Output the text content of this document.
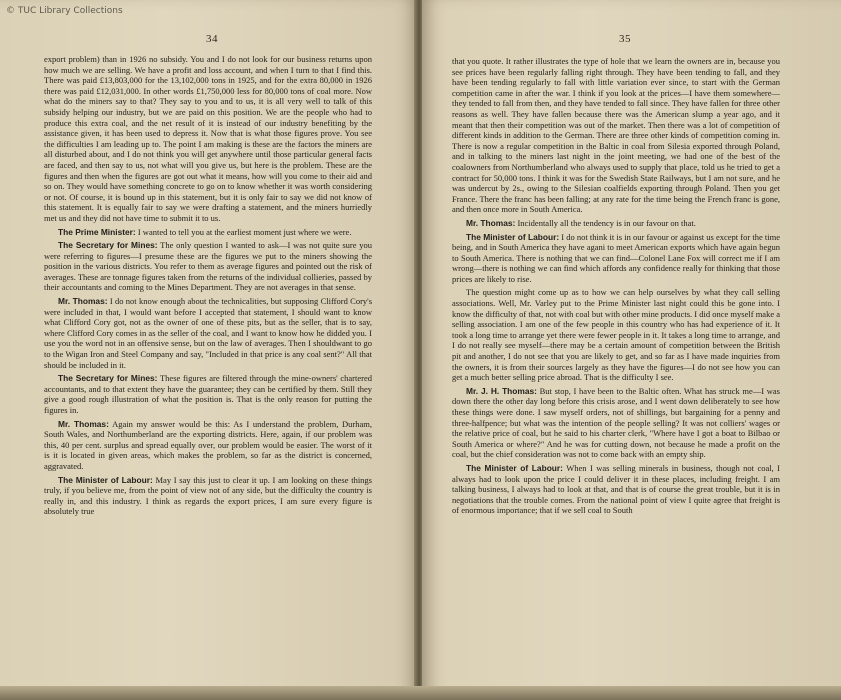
34

export problem) than in 1926 no subsidy. You and I do not look for our business returns upon how much we are selling. We have a profit and loss account, and when I turn to that I find this. There was paid £13,803,000 for the 13,102,000 tons in 1925, and for the extra 80,000 in 1926 there was paid £12,031,000. In other words £1,750,000 less for 80,000 tons of coal more. Now what do the miners say to that? They say to you and to us, it is all very well to talk of this subsidy helping our industry, but we are paid on this position. We are the people who had to produce this extra coal, and the net result of it is instead of our industry benefiting by the assistance given, it has been used to depress it. Now that is what those figures prove. You see the difficulties I am leading up to. The point I am making is these are the factors the miners are all disturbed about, and I do not think you will get anywhere until those particular general facts are faced, and then say to us, not what will you give us, but here is the problem. These are the figures and then when the figures are got out what it means, how will you come to their aid and so on. They would have something concrete to go on to know whether it was worth considering or not. Of course, it is bound up in this statement, but it is only fair to say we did not know of this statement. It is equally fair to say we were drafting a statement, and the miners hurriedly met us and they did not have time to submit it to us.

The Prime Minister: I wanted to tell you at the earliest moment just where we were.

The Secretary for Mines: The only question I wanted to ask—I was not quite sure you were referring to figures—I presume these are the figures we put to the miners showing the position in the various districts. You refer to them as average figures and pointed out the risk of averages. These are tonnage figures taken from the returns of the individual collieries, passed by their accountants and coming to the Mines Department. They are not averages in that sense.

Mr. Thomas: I do not know enough about the technicalities, but supposing Clifford Cory's were included in that, I would want before I accepted that statement, I should want to know what Clifford Cory got, not as the owner of one of these pits, but as the seller, that is to say, where Clifford Cory comes in as the seller of the coal, and I want to know how he didded you. I use you the word not in an offensive sense, but on the law of averages. Then I shouldwant to go to the Wigan Iron and Steel Company and say, "Included in that price is any coal sent?" All that should be included in it.

The Secretary for Mines: These figures are filtered through the mine-owners' chartered accountants, and to that extent they have the guarantee; they can be certified by them. Still they give a good rough illustration of what the position is. That is the only reason for putting the figures in.

Mr. Thomas: Again my answer would be this: As I understand the problem, Durham, South Wales, and Northumberland are the exporting districts. Here, again, if our problem was this, 40 per cent. surplus and spread equally over, our problem would be easier. The worst of it is it is located in given areas, which makes the problem, so far as the district is concerned, aggravated.

The Minister of Labour: May I say this just to clear it up. I am looking on these things truly, if you believe me, from the point of view not of any side, but the difficulty the country is really in, and this industry. I think as regards the export prices, I am sure every figure is absolutely true

35

that you quote. It rather illustrates the type of hole that we learn the owners are in, because you see prices have been regularly falling right through. They have been tending to fall, and they have been tending regularly to fall with little variation ever since, to start with the German competition came in after the war. I think if you look at the prices—I have them somewhere—they tended to fall from then, and they have tended to fall since. They have fallen for three other reasons as well. They have fallen because there was the American slump a year ago, and it meant that then their competition was out of the market. Then there was a lot of competition of different kinds in addition to the German. There are three other kinds of competition coming in. There is now a regular competition in the Baltic in coal from Silesia exported through Poland, and in talking to the miners last night in the joint meeting, we had one of the best of the coalowners from Northumberland who always used to supply that place, told us he tried to get a contract for 50,000 tons. I think it was for the Swedish State Railways, but I am not sure, and he was undercut by 2s., owing to the Silesian coalfields exporting through Poland. Then you get France. There the franc has been falling; at any rate for the time being the French franc is gone, and then once more in South America.

Mr. Thomas: Incidentally all the tendency is in our favour on that.

The Minister of Labour: I do not think it is in our favour or against us except for the time being, and in South America they have agani to meet American exports which have again begun to South America. There is nothing that we can find—Colonel Lane Fox will correct me if I am wrong—there is nothing we can find which affords any confidence really for thinking that those prices are likely to rise.

The question might come up as to how we can help ourselves by what they call selling associations. Well, Mr. Varley put to the Prime Minister last night could this be gone into. I know the difficulty of that, not with coal but with other mine products. I did once myself make a selling association. I am one of the few people in this country who has had experience of it. It took a long time to arrange yet there were fewer people in it. It takes a long time to arrange, and I do not really see myself—there may be a certain amount of competition between the British pit and another, I do not see that you are likely to get, and so far as I have made inquiries from the owners, it is from their sources largely as they have the figures—I do not see how you can get a much better selling price abroad. That is the difficulty I see.

Mr. J. H. Thomas: But stop, I have been to the Baltic often. What has struck me—I was down there the other day long before this crisis arose, and I went down deliberately to see how these things were done. I saw myself orders, not of shillings, but bargaining for a penny and three-halfpence; but what was the intention of the people selling? It was not colliers' wages or the relative price of coal, but he said to his charter clerk, "Where have I got a boat to Bilbao or South America or where?" And he was for cutting down, not because he made a profit on the coal, but the chief consideration was not to come back with an empty ship.

The Minister of Labour: When I was selling minerals in business, though not coal, I always had to look upon the price I could deliver it in these places, including freight. I am talking business, I always had to look at that, and that is of course the great trouble, but it is in negotiations that the trouble comes. From the national point of view I quite agree that freight is of enormous importance; that if we sell coal to South

© TUC Library Collections
